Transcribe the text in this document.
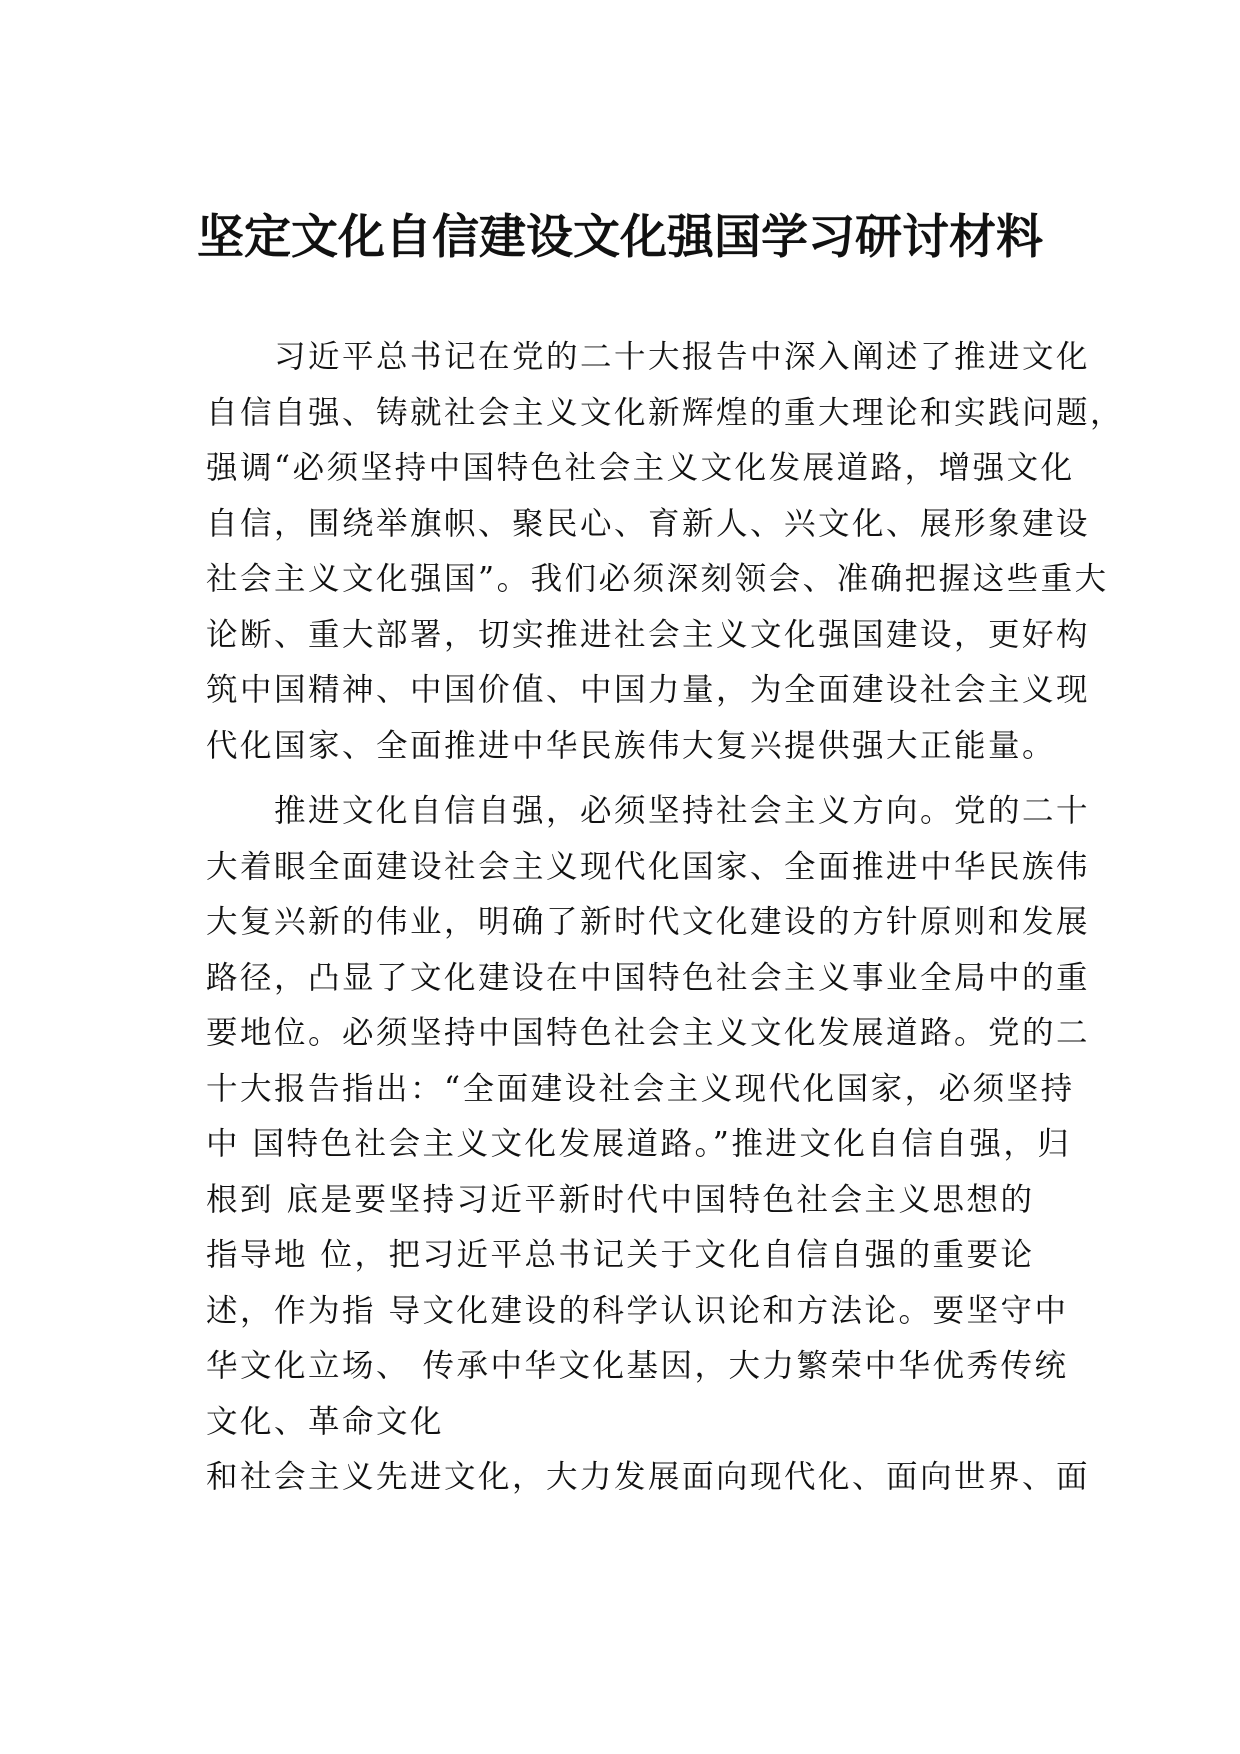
坚定文化自信建设文化强国学习研讨材料
　　习近平总书记在党的二十大报告中深入阐述了推进文化
自信自强、铸就社会主义文化新辉煌的重大理论和实践问题，
强调“必须坚持中国特色社会主义文化发展道路，增强文化
自信，围绕举旗帜、聚民心、育新人、兴文化、展形象建设
社会主义文化强国”。我们必须深刻领会、准确把握这些重大
论断、重大部署，切实推进社会主义文化强国建设，更好构
筑中国精神、中国价值、中国力量，为全面建设社会主义现
代化国家、全面推进中华民族伟大复兴提供强大正能量。
　　推进文化自信自强，必须坚持社会主义方向。党的二十
大着眼全面建设社会主义现代化国家、全面推进中华民族伟
大复兴新的伟业，明确了新时代文化建设的方针原则和发展
路径，凸显了文化建设在中国特色社会主义事业全局中的重
要地位。必须坚持中国特色社会主义文化发展道路。党的二
十大报告指出：“全面建设社会主义现代化国家，必须坚持
中 国特色社会主义文化发展道路。”推进文化自信自强，归
根到 底是要坚持习近平新时代中国特色社会主义思想的
指导地 位，把习近平总书记关于文化自信自强的重要论
述，作为指 导文化建设的科学认识论和方法论。要坚守中
华文化立场、 传承中华文化基因，大力繁荣中华优秀传统
文化、革命文化
和社会主义先进文化，大力发展面向现代化、面向世界、面
